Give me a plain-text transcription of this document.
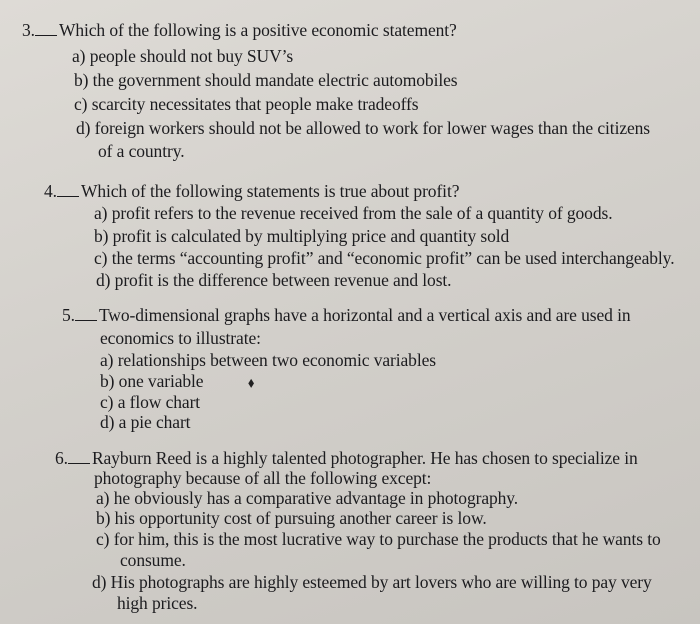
3. Which of the following is a positive economic statement?
a) people should not buy SUV’s
b) the government should mandate electric automobiles
c) scarcity necessitates that people make tradeoffs
d) foreign workers should not be allowed to work for lower wages than the citizens
of a country.
4. Which of the following statements is true about profit?
a) profit refers to the revenue received from the sale of a quantity of goods.
b) profit is calculated by multiplying price and quantity sold
c) the terms “accounting profit” and “economic profit” can be used interchangeably.
d) profit is the difference between revenue and lost.
5. Two-dimensional graphs have a horizontal and a vertical axis and are used in
economics to illustrate:
a) relationships between two economic variables
b) one variable
c) a flow chart
d) a pie chart
⬧
6. Rayburn Reed is a highly talented photographer. He has chosen to specialize in
photography because of all the following except:
a) he obviously has a comparative advantage in photography.
b) his opportunity cost of pursuing another career is low.
c) for him, this is the most lucrative way to purchase the products that he wants to
consume.
d) His photographs are highly esteemed by art lovers who are willing to pay very
high prices.
